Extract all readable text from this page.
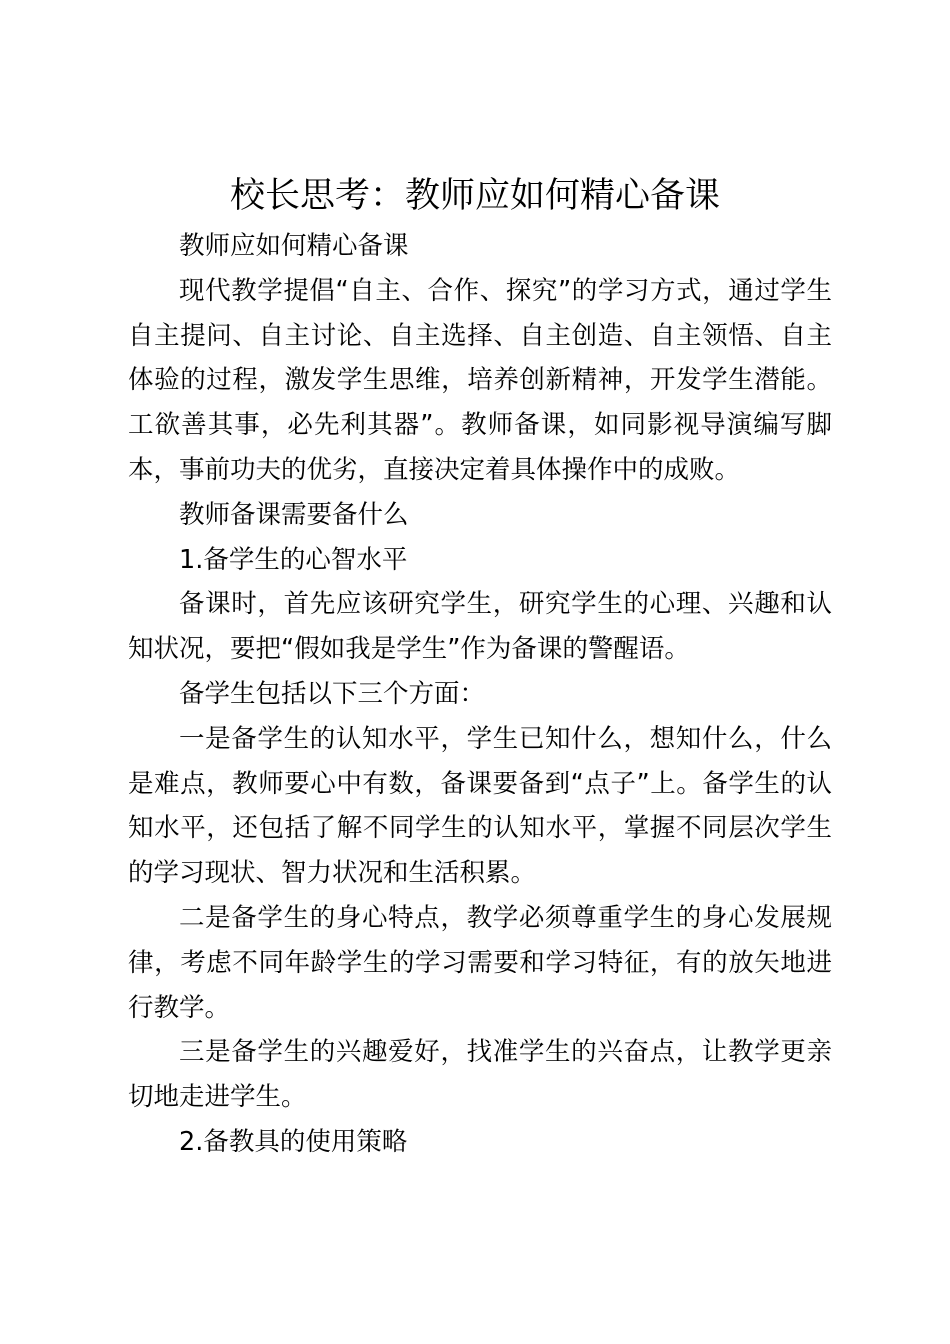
校长思考：教师应如何精心备课

教师应如何精心备课

现代教学提倡“自主、合作、探究”的学习方式，通过学生自主提问、自主讨论、自主选择、自主创造、自主领悟、自主体验的过程，激发学生思维，培养创新精神，开发学生潜能。工欲善其事，必先利其器”。教师备课，如同影视导演编写脚本，事前功夫的优劣，直接决定着具体操作中的成败。

教师备课需要备什么

1.备学生的心智水平

备课时，首先应该研究学生，研究学生的心理、兴趣和认知状况，要把“假如我是学生”作为备课的警醒语。

备学生包括以下三个方面：

一是备学生的认知水平，学生已知什么，想知什么，什么是难点，教师要心中有数，备课要备到“点子”上。备学生的认知水平，还包括了解不同学生的认知水平，掌握不同层次学生的学习现状、智力状况和生活积累。

二是备学生的身心特点，教学必须尊重学生的身心发展规律，考虑不同年龄学生的学习需要和学习特征，有的放矢地进行教学。

三是备学生的兴趣爱好，找准学生的兴奋点，让教学更亲切地走进学生。

2.备教具的使用策略
